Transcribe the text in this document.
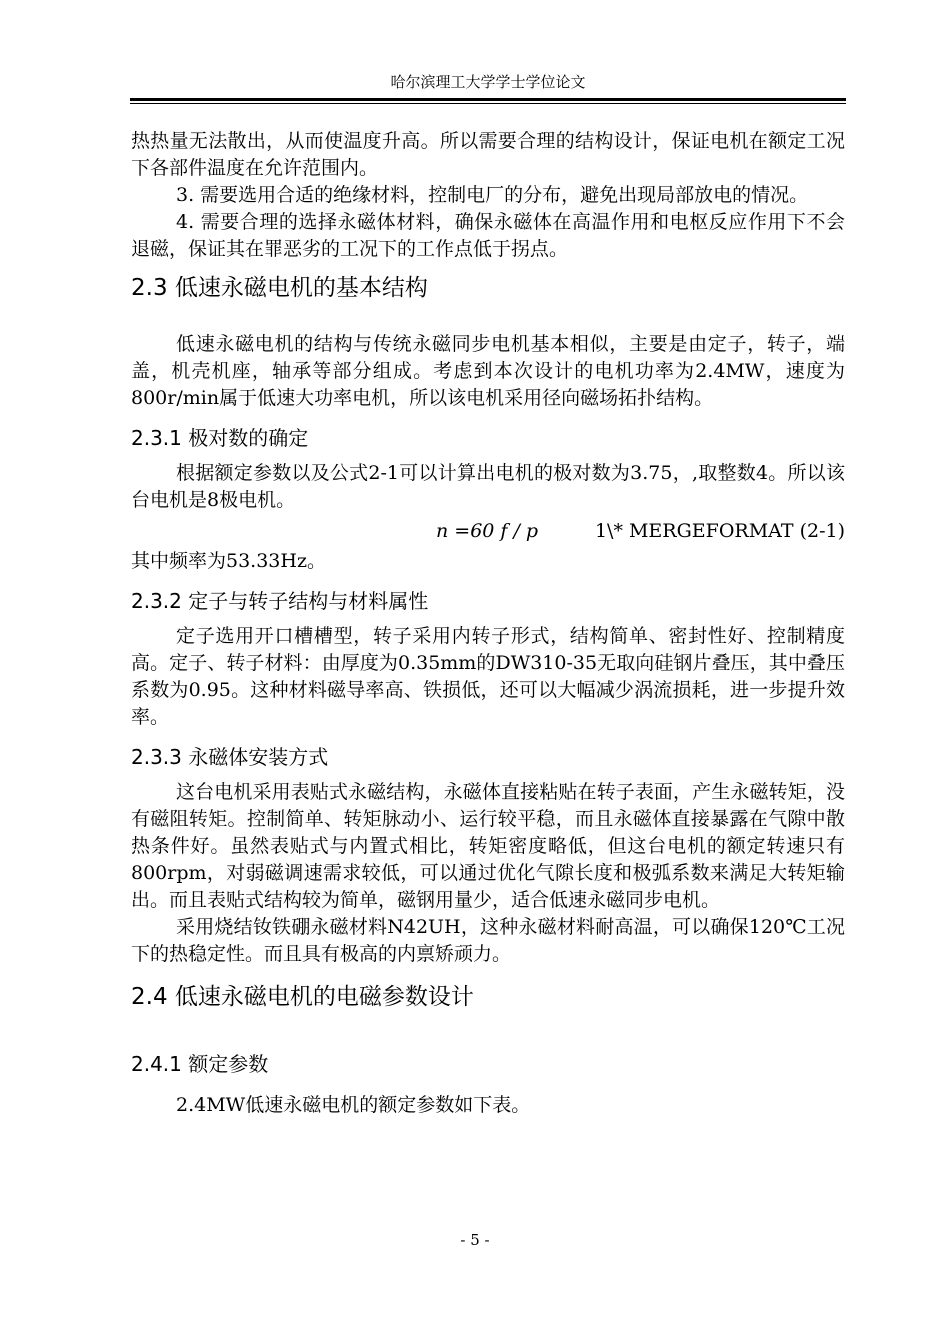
哈尔滨理工大学学士学位论文

热热量无法散出，从而使温度升高。所以需要合理的结构设计，保证电机在额定工况下各部件温度在允许范围内。

3. 需要选用合适的绝缘材料，控制电厂的分布，避免出现局部放电的情况。

4. 需要合理的选择永磁体材料，确保永磁体在高温作用和电枢反应作用下不会退磁，保证其在罪恶劣的工况下的工作点低于拐点。

2.3 低速永磁电机的基本结构

低速永磁电机的结构与传统永磁同步电机基本相似，主要是由定子，转子，端盖，机壳机座，轴承等部分组成。考虑到本次设计的电机功率为2.4MW，速度为800r/min属于低速大功率电机，所以该电机采用径向磁场拓扑结构。

2.3.1 极对数的确定

根据额定参数以及公式2-1可以计算出电机的极对数为3.75，,取整数4。所以该台电机是8极电机。

n =60 f / p	1\* MERGEFORMAT (2-1)

其中频率为53.33Hz。

2.3.2 定子与转子结构与材料属性

定子选用开口槽槽型，转子采用内转子形式，结构简单、密封性好、控制精度高。定子、转子材料：由厚度为0.35mm的DW310-35无取向硅钢片叠压，其中叠压系数为0.95。这种材料磁导率高、铁损低，还可以大幅减少涡流损耗，进一步提升效率。

2.3.3 永磁体安装方式

这台电机采用表贴式永磁结构，永磁体直接粘贴在转子表面，产生永磁转矩，没有磁阻转矩。控制简单、转矩脉动小、运行较平稳，而且永磁体直接暴露在气隙中散热条件好。虽然表贴式与内置式相比，转矩密度略低，但这台电机的额定转速只有800rpm，对弱磁调速需求较低，可以通过优化气隙长度和极弧系数来满足大转矩输出。而且表贴式结构较为简单，磁钢用量少，适合低速永磁同步电机。

采用烧结钕铁硼永磁材料N42UH，这种永磁材料耐高温，可以确保120℃工况下的热稳定性。而且具有极高的内禀矫顽力。

2.4 低速永磁电机的电磁参数设计
2.4.1 额定参数

2.4MW低速永磁电机的额定参数如下表。

- 5 -
